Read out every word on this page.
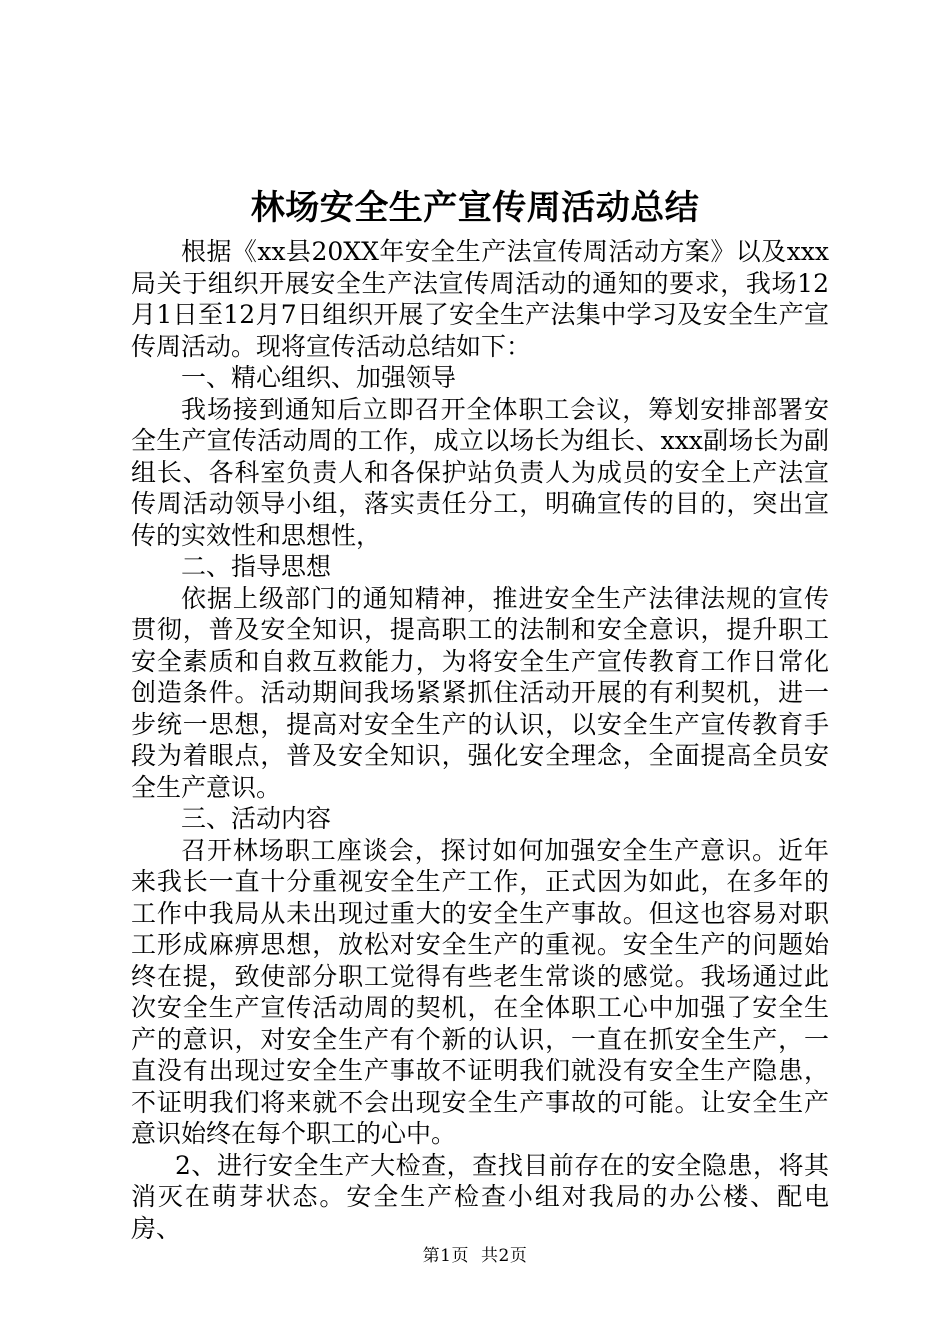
林场安全生产宣传周活动总结

根据《xx县20XX年安全生产法宣传周活动方案》以及xxx局关于组织开展安全生产法宣传周活动的通知的要求，我场12月1日至12月7日组织开展了安全生产法集中学习及安全生产宣传周活动。现将宣传活动总结如下：

一、精心组织、加强领导

我场接到通知后立即召开全体职工会议，筹划安排部署安全生产宣传活动周的工作，成立以场长为组长、xxx副场长为副组长、各科室负责人和各保护站负责人为成员的安全上产法宣传周活动领导小组，落实责任分工，明确宣传的目的，突出宣传的实效性和思想性，

二、指导思想

依据上级部门的通知精神，推进安全生产法律法规的宣传贯彻，普及安全知识，提高职工的法制和安全意识，提升职工安全素质和自救互救能力，为将安全生产宣传教育工作日常化创造条件。活动期间我场紧紧抓住活动开展的有利契机，进一步统一思想，提高对安全生产的认识，以安全生产宣传教育手段为着眼点，普及安全知识，强化安全理念，全面提高全员安全生产意识。

三、活动内容

召开林场职工座谈会，探讨如何加强安全生产意识。近年来我长一直十分重视安全生产工作，正式因为如此，在多年的工作中我局从未出现过重大的安全生产事故。但这也容易对职工形成麻痹思想，放松对安全生产的重视。安全生产的问题始终在提，致使部分职工觉得有些老生常谈的感觉。我场通过此次安全生产宣传活动周的契机，在全体职工心中加强了安全生产的意识，对安全生产有个新的认识，一直在抓安全生产，一直没有出现过安全生产事故不证明我们就没有安全生产隐患，不证明我们将来就不会出现安全生产事故的可能。让安全生产意识始终在每个职工的心中。

2、进行安全生产大检查，查找目前存在的安全隐患，将其消灭在萌芽状态。安全生产检查小组对我局的办公楼、配电房、

第1页 共2页
